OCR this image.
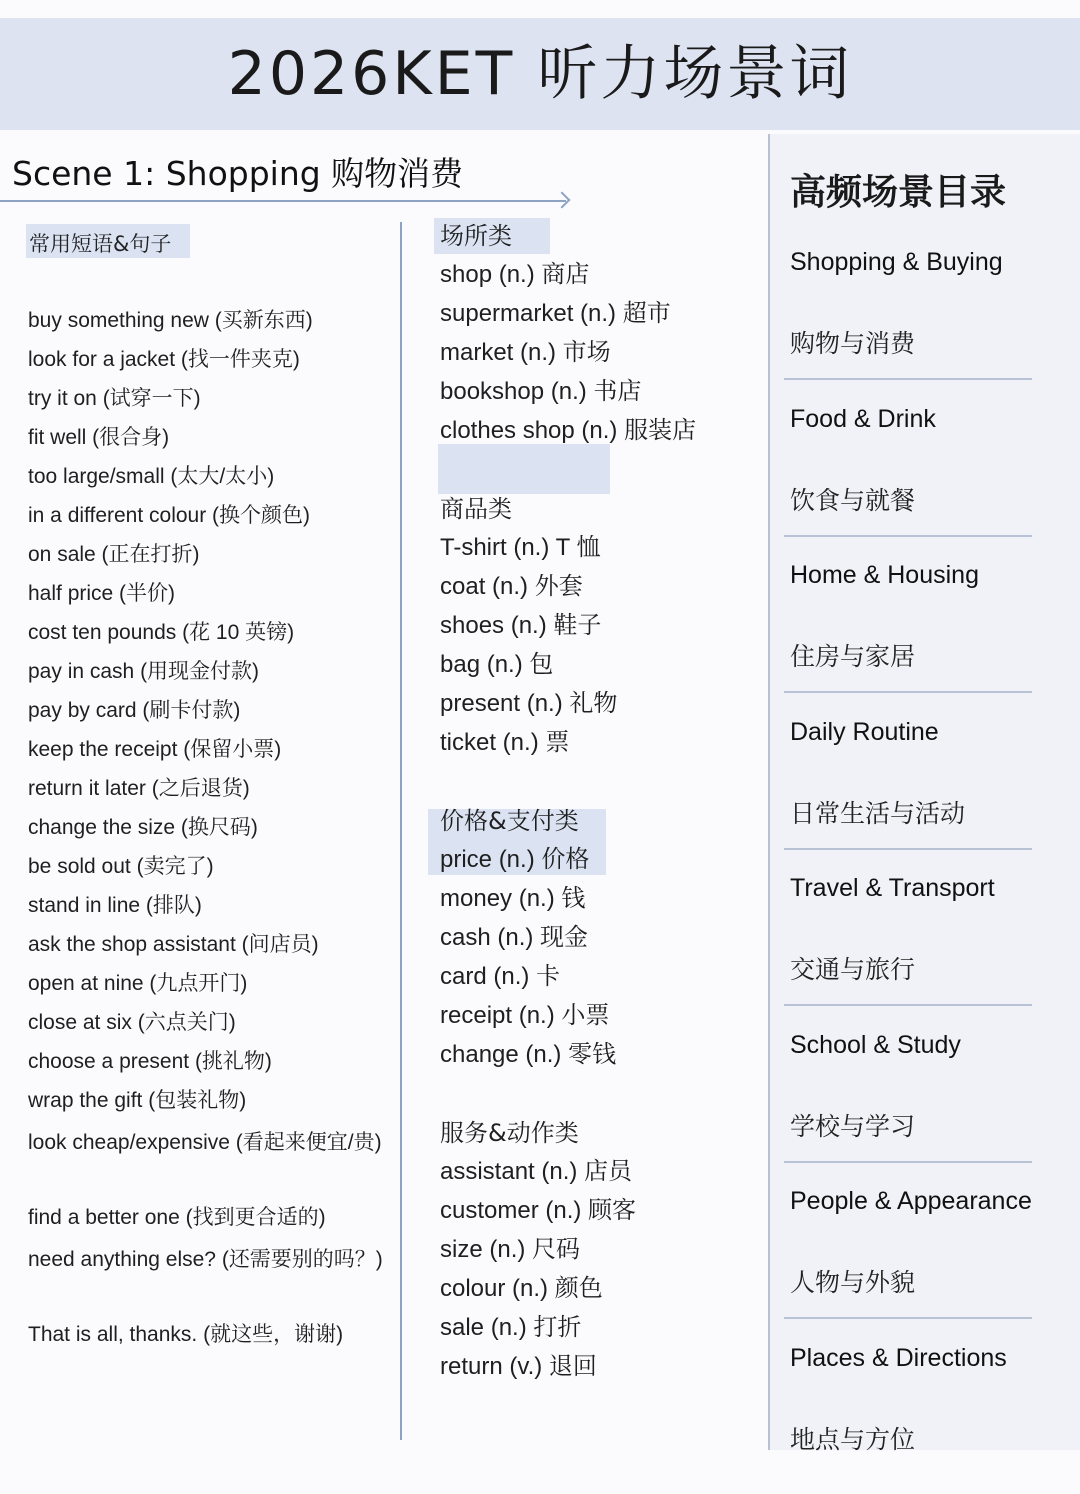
2026KET 听力场景词
Scene 1: Shopping 购物消费
常用短语&句子
buy something new (买新东西)
look for a jacket (找一件夹克)
try it on (试穿一下)
fit well (很合身)
too large/small (太大/太小)
in a different colour (换个颜色)
on sale (正在打折)
half price (半价)
cost ten pounds (花 10 英镑)
pay in cash (用现金付款)
pay by card (刷卡付款)
keep the receipt (保留小票)
return it later (之后退货)
change the size (换尺码)
be sold out (卖完了)
stand in line (排队)
ask the shop assistant (问店员)
open at nine (九点开门)
close at six (六点关门)
choose a present (挑礼物)
wrap the gift (包装礼物)
look cheap/expensive (看起来便宜/贵)
find a better one (找到更合适的)
need anything else? (还需要别的吗？)
That is all, thanks. (就这些，谢谢)
场所类
shop (n.) 商店
supermarket (n.) 超市
market (n.) 市场
bookshop (n.) 书店
clothes shop (n.) 服装店
商品类
T-shirt (n.) T 恤
coat (n.) 外套
shoes (n.) 鞋子
bag (n.) 包
present (n.) 礼物
ticket (n.) 票
价格&支付类
price (n.) 价格
money (n.) 钱
cash (n.) 现金
card (n.) 卡
receipt (n.) 小票
change (n.) 零钱
服务&动作类
assistant (n.) 店员
customer (n.) 顾客
size (n.) 尺码
colour (n.) 颜色
sale (n.) 打折
return (v.) 退回
高频场景目录
Shopping & Buying
购物与消费
Food & Drink
饮食与就餐
Home & Housing
住房与家居
Daily Routine
日常生活与活动
Travel & Transport
交通与旅行
School & Study
学校与学习
People & Appearance
人物与外貌
Places & Directions
地点与方位
